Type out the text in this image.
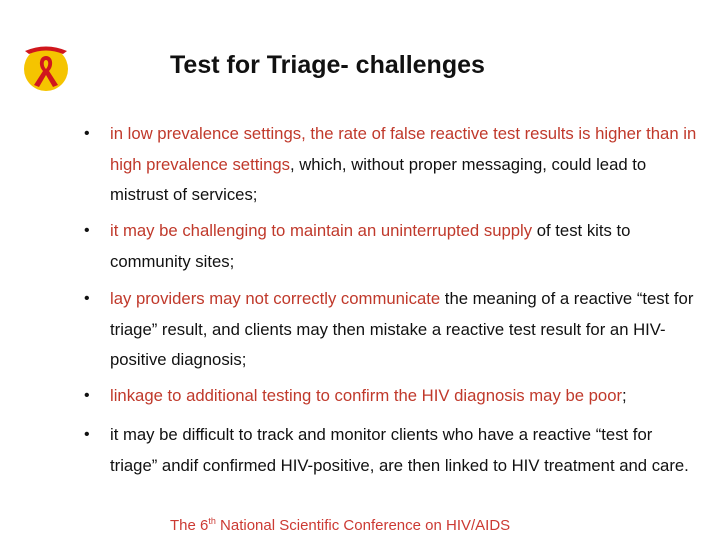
Test for Triage- challenges
• in low prevalence settings, the rate of false reactive test results is higher than in high prevalence settings, which, without proper messaging, could lead to mistrust of services;
• it may be challenging to maintain an uninterrupted supply of test kits to community sites;
• lay providers may not correctly communicate the meaning of a reactive “test for triage” result, and clients may then mistake a reactive test result for an HIV-positive diagnosis;
• linkage to additional testing to confirm the HIV diagnosis may be poor;
• it may be difficult to track and monitor clients who have a reactive “test for triage” andif confirmed HIV-positive, are then linked to HIV treatment and care.
The 6th National Scientific Conference on HIV/AIDS
